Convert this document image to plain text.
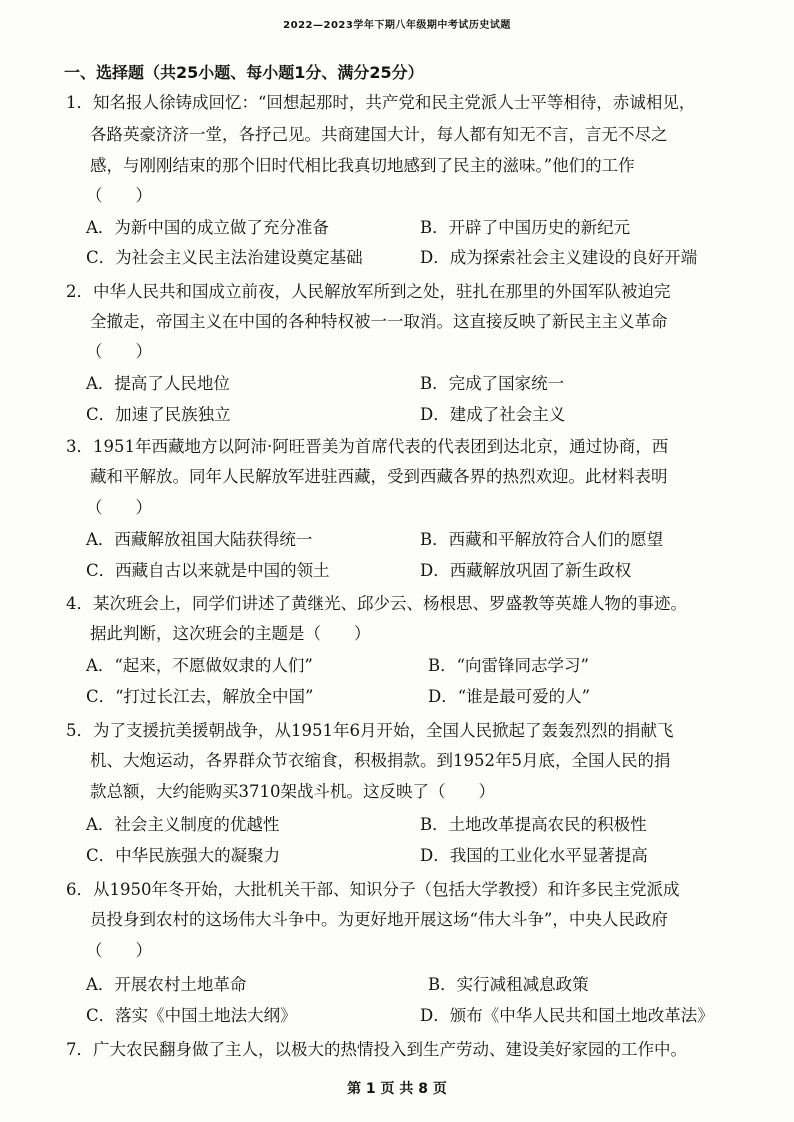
2022—2023学年下期八年级期中考试历史试题
一、选择题（共25小题、每小题1分、满分25分）
1．知名报人徐铸成回忆：“回想起那时，共产党和民主党派人士平等相待，赤诚相见，
各路英豪济济一堂，各抒己见。共商建国大计，每人都有知无不言，言无不尽之
感，与刚刚结束的那个旧时代相比我真切地感到了民主的滋味。”他们的工作
（　　）
A．为新中国的成立做了充分准备	B．开辟了中国历史的新纪元
C．为社会主义民主法治建设奠定基础	D．成为探索社会主义建设的良好开端
2．中华人民共和国成立前夜，人民解放军所到之处，驻扎在那里的外国军队被迫完
全撤走，帝国主义在中国的各种特权被一一取消。这直接反映了新民主主义革命
（　　）
A．提高了人民地位	B．完成了国家统一
C．加速了民族独立	D．建成了社会主义
3．1951年西藏地方以阿沛·阿旺晋美为首席代表的代表团到达北京，通过协商，西
藏和平解放。同年人民解放军进驻西藏，受到西藏各界的热烈欢迎。此材料表明
（　　）
A．西藏解放祖国大陆获得统一	B．西藏和平解放符合人们的愿望
C．西藏自古以来就是中国的领土	D．西藏解放巩固了新生政权
4．某次班会上，同学们讲述了黄继光、邱少云、杨根思、罗盛教等英雄人物的事迹。
据此判断，这次班会的主题是（　　）
A．“起来，不愿做奴隶的人们”	B．“向雷锋同志学习”
C．“打过长江去，解放全中国”	D．“谁是最可爱的人”
5．为了支援抗美援朝战争，从1951年6月开始，全国人民掀起了轰轰烈烈的捐献飞
机、大炮运动，各界群众节衣缩食，积极捐款。到1952年5月底，全国人民的捐
款总额，大约能购买3710架战斗机。这反映了（　　）
A．社会主义制度的优越性	B．土地改革提高农民的积极性
C．中华民族强大的凝聚力	D．我国的工业化水平显著提高
6．从1950年冬开始，大批机关干部、知识分子（包括大学教授）和许多民主党派成
员投身到农村的这场伟大斗争中。为更好地开展这场“伟大斗争”，中央人民政府
（　　）
A．开展农村土地革命	B．实行减租减息政策
C．落实《中国土地法大纲》	D．颁布《中华人民共和国土地改革法》
7．广大农民翻身做了主人，以极大的热情投入到生产劳动、建设美好家园的工作中。
第 1 页 共 8 页
